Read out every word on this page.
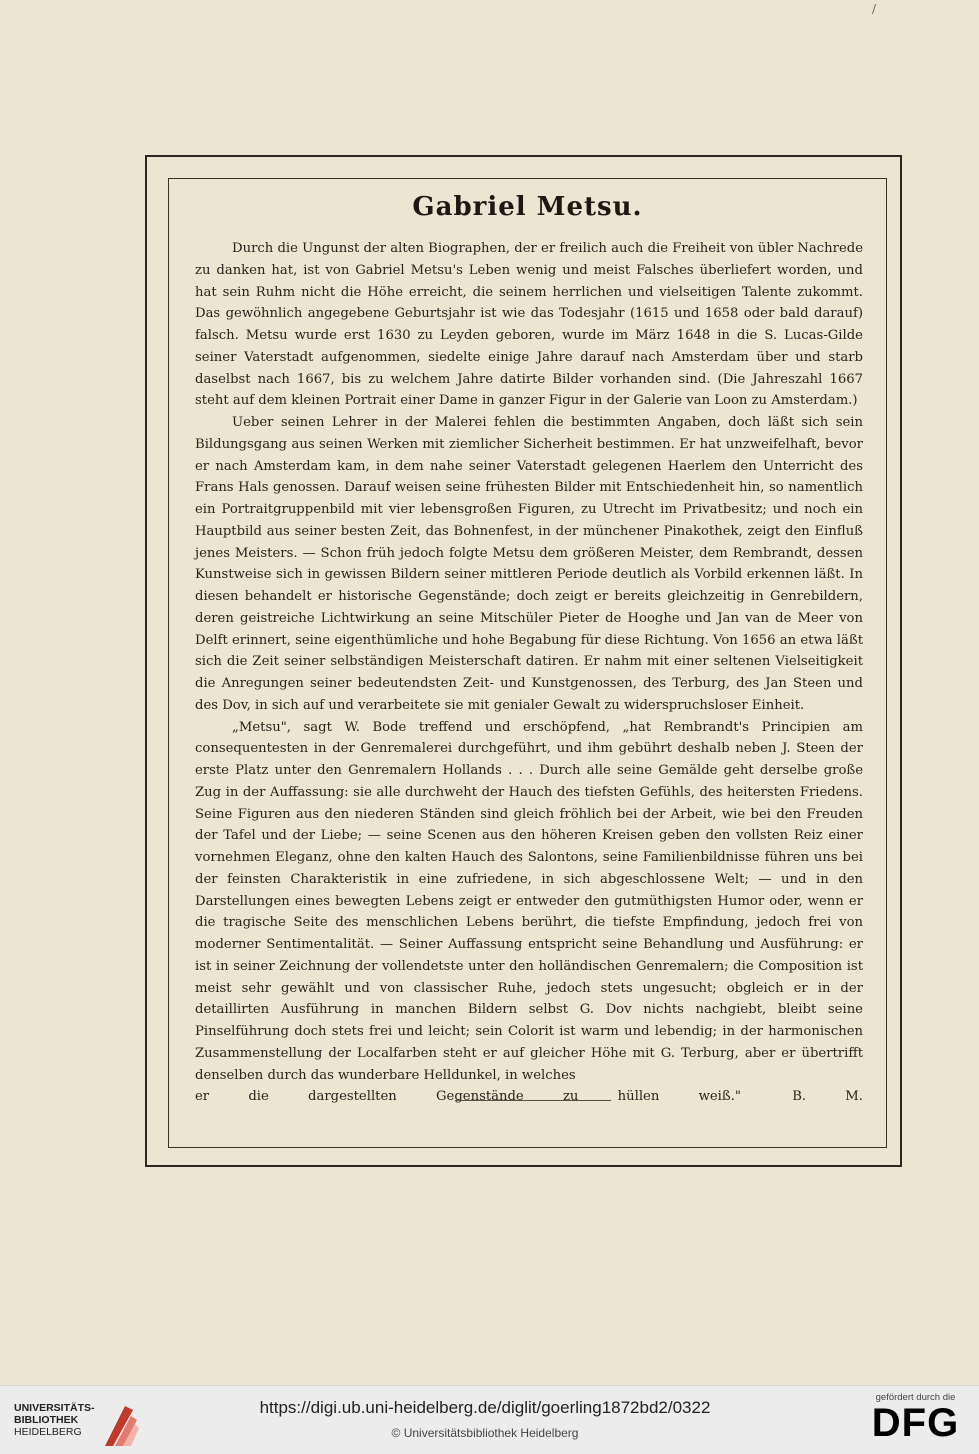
/
Gabriel Metsu.

Durch die Ungunst der alten Biographen, der er freilich auch die Freiheit von übler Nachrede zu danken hat, ist von Gabriel Metsu's Leben wenig und meist Falsches überliefert worden, und hat sein Ruhm nicht die Höhe erreicht, die seinem herrlichen und vielseitigen Talente zukommt. Das gewöhnlich angegebene Geburtsjahr ist wie das Todesjahr (1615 und 1658 oder bald darauf) falsch. Metsu wurde erst 1630 zu Leyden geboren, wurde im März 1648 in die S. Lucas-Gilde seiner Vaterstadt aufgenommen, siedelte einige Jahre darauf nach Amsterdam über und starb daselbst nach 1667, bis zu welchem Jahre datirte Bilder vorhanden sind. (Die Jahreszahl 1667 steht auf dem kleinen Portrait einer Dame in ganzer Figur in der Galerie van Loon zu Amsterdam.)

Ueber seinen Lehrer in der Malerei fehlen die bestimmten Angaben, doch läßt sich sein Bildungsgang aus seinen Werken mit ziemlicher Sicherheit bestimmen. Er hat unzweifelhaft, bevor er nach Amsterdam kam, in dem nahe seiner Vaterstadt gelegenen Haerlem den Unterricht des Frans Hals genossen. Darauf weisen seine frühesten Bilder mit Entschiedenheit hin, so namentlich ein Portraitgruppenbild mit vier lebensgroßen Figuren, zu Utrecht im Privatbesitz; und noch ein Hauptbild aus seiner besten Zeit, das Bohnenfest, in der münchener Pinakothek, zeigt den Einfluß jenes Meisters. — Schon früh jedoch folgte Metsu dem größeren Meister, dem Rembrandt, dessen Kunstweise sich in gewissen Bildern seiner mittleren Periode deutlich als Vorbild erkennen läßt. In diesen behandelt er historische Gegenstände; doch zeigt er bereits gleichzeitig in Genrebildern, deren geistreiche Lichtwirkung an seine Mitschüler Pieter de Hooghe und Jan van de Meer von Delft erinnert, seine eigenthümliche und hohe Begabung für diese Richtung. Von 1656 an etwa läßt sich die Zeit seiner selbständigen Meisterschaft datiren. Er nahm mit einer seltenen Vielseitigkeit die Anregungen seiner bedeutendsten Zeit- und Kunstgenossen, des Terburg, des Jan Steen und des Dov, in sich auf und verarbeitete sie mit genialer Gewalt zu widerspruchsloser Einheit.

„Metsu", sagt W. Bode treffend und erschöpfend, „hat Rembrandt's Principien am consequentesten in der Genremalerei durchgeführt, und ihm gebührt deshalb neben J. Steen der erste Platz unter den Genremalern Hollands . . . Durch alle seine Gemälde geht derselbe große Zug in der Auffassung: sie alle durchweht der Hauch des tiefsten Gefühls, des heitersten Friedens. Seine Figuren aus den niederen Ständen sind gleich fröhlich bei der Arbeit, wie bei den Freuden der Tafel und der Liebe; — seine Scenen aus den höheren Kreisen geben den vollsten Reiz einer vornehmen Eleganz, ohne den kalten Hauch des Salontons, seine Familienbildnisse führen uns bei der feinsten Charakteristik in eine zufriedene, in sich abgeschlossene Welt; — und in den Darstellungen eines bewegten Lebens zeigt er entweder den gutmüthigsten Humor oder, wenn er die tragische Seite des menschlichen Lebens berührt, die tiefste Empfindung, jedoch frei von moderner Sentimentalität. — Seiner Auffassung entspricht seine Behandlung und Ausführung: er ist in seiner Zeichnung der vollendetste unter den holländischen Genremalern; die Composition ist meist sehr gewählt und von classischer Ruhe, jedoch stets ungesucht; obgleich er in der detaillirten Ausführung in manchen Bildern selbst G. Dov nichts nachgiebt, bleibt seine Pinselführung doch stets frei und leicht; sein Colorit ist warm und lebendig; in der harmonischen Zusammenstellung der Localfarben steht er auf gleicher Höhe mit G. Terburg, aber er übertrifft denselben durch das wunderbare Helldunkel, in welches

er die dargestellten Gegenstände zu hüllen weiß."	B. M.
UNIVERSITÄTS-
BIBLIOTHEK
HEIDELBERG
https://digi.ub.uni-heidelberg.de/diglit/goerling1872bd2/0322
© Universitätsbibliothek Heidelberg
gefördert durch die
DFG
